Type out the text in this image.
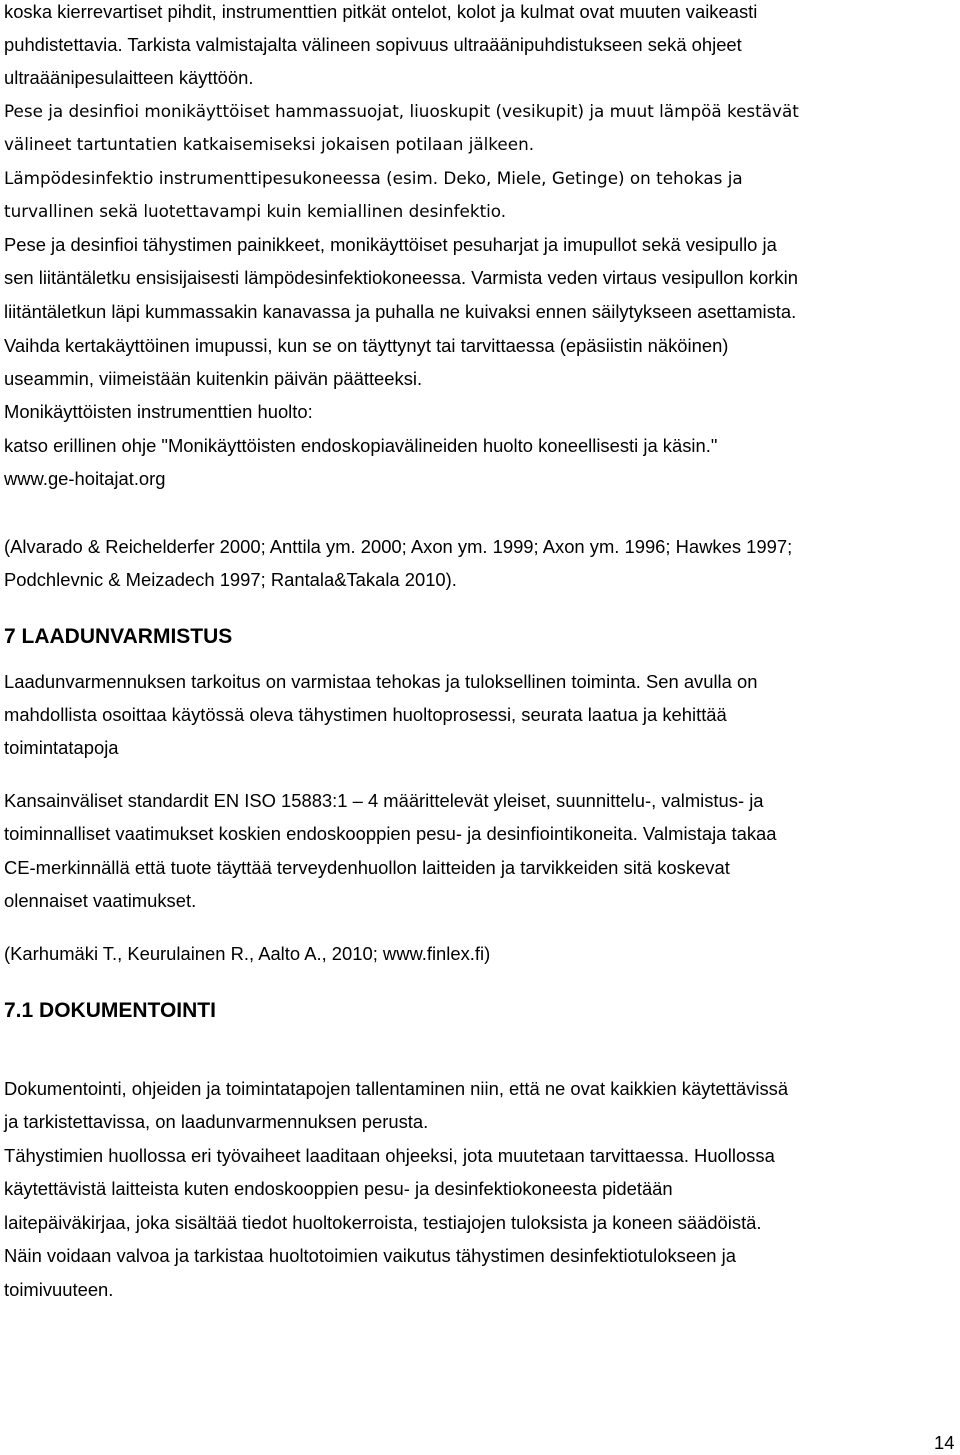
koska kierrevartiset pihdit, instrumenttien pitkät ontelot, kolot ja kulmat ovat muuten vaikeasti
puhdistettavia. Tarkista valmistajalta välineen sopivuus ultraäänipuhdistukseen sekä ohjeet
ultraäänipesulaitteen käyttöön.
Pese ja desinfioi monikäyttöiset hammassuojat, liuoskupit (vesikupit) ja muut lämpöä kestävät
välineet tartuntatien katkaisemiseksi jokaisen potilaan jälkeen.
Lämpödesinfektio instrumenttipesukoneessa (esim. Deko, Miele, Getinge) on tehokas ja
turvallinen sekä luotettavampi kuin kemiallinen desinfektio.
Pese ja desinfioi tähystimen painikkeet, monikäyttöiset pesuharjat ja imupullot sekä vesipullo ja
sen liitäntäletku ensisijaisesti lämpödesinfektiokoneessa. Varmista veden virtaus vesipullon korkin
liitäntäletkun läpi kummassakin kanavassa ja puhalla ne kuivaksi ennen säilytykseen asettamista.
Vaihda kertakäyttöinen imupussi, kun se on täyttynyt tai tarvittaessa (epäsiistin näköinen)
useammin, viimeistään kuitenkin päivän päätteeksi.
Monikäyttöisten instrumenttien huolto:
katso erillinen ohje "Monikäyttöisten endoskopiavälineiden huolto koneellisesti ja käsin."
www.ge-hoitajat.org
(Alvarado & Reichelderfer 2000; Anttila ym. 2000; Axon ym. 1999; Axon ym. 1996; Hawkes 1997;
Podchlevnic & Meizadech 1997; Rantala&Takala 2010).
7 LAADUNVARMISTUS
Laadunvarmennuksen tarkoitus on varmistaa tehokas ja tuloksellinen toiminta. Sen avulla on
mahdollista osoittaa käytössä oleva tähystimen huoltoprosessi, seurata laatua ja kehittää
toimintatapoja
Kansainväliset standardit EN ISO 15883:1 – 4 määrittelevät yleiset, suunnittelu-, valmistus- ja
toiminnalliset vaatimukset koskien endoskooppien pesu- ja desinfiointikoneita. Valmistaja takaa
CE-merkinnällä että tuote täyttää terveydenhuollon laitteiden ja tarvikkeiden sitä koskevat
olennaiset vaatimukset.
(Karhumäki T., Keurulainen R., Aalto A., 2010; www.finlex.fi)
7.1 DOKUMENTOINTI
Dokumentointi, ohjeiden ja toimintatapojen tallentaminen niin, että ne ovat kaikkien käytettävissä
ja tarkistettavissa, on laadunvarmennuksen perusta.
Tähystimien huollossa eri työvaiheet laaditaan ohjeeksi, jota muutetaan tarvittaessa. Huollossa
käytettävistä laitteista kuten endoskooppien pesu- ja desinfektiokoneesta pidetään
laitepäiväkirjaa, joka sisältää tiedot huoltokerroista, testiajojen tuloksista ja koneen säädöistä.
Näin voidaan valvoa ja tarkistaa huoltotoimien vaikutus tähystimen desinfektiotulokseen ja
toimivuuteen.
14
